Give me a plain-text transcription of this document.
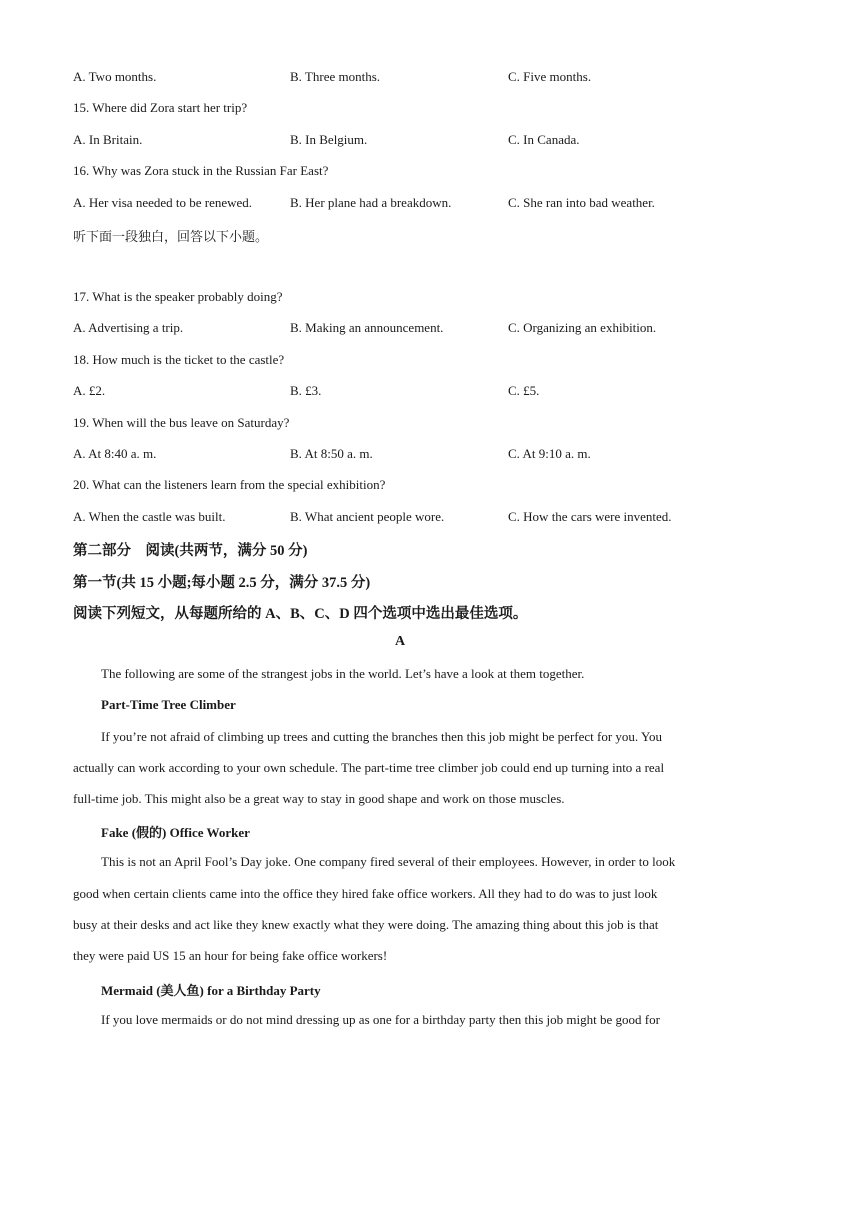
A. Two months.	B. Three months.	C. Five months.
15. Where did Zora start her trip?
A. In Britain.	B. In Belgium.	C. In Canada.
16. Why was Zora stuck in the Russian Far East?
A. Her visa needed to be renewed.	B. Her plane had a breakdown.	C. She ran into bad weather.
听下面一段独白，回答以下小题。
17. What is the speaker probably doing?
A. Advertising a trip.	B. Making an announcement.	C. Organizing an exhibition.
18. How much is the ticket to the castle?
A. £2.	B. £3.	C. £5.
19. When will the bus leave on Saturday?
A. At 8:40 a. m.	B. At 8:50 a. m.	C. At 9:10 a. m.
20. What can the listeners learn from the special exhibition?
A. When the castle was built.	B. What ancient people wore.	C. How the cars were invented.
第二部分　阅读(共两节，满分 50 分)
第一节(共 15 小题;每小题 2.5 分，满分 37.5 分)
阅读下列短文，从每题所给的 A、B、C、D 四个选项中选出最佳选项。
A
The following are some of the strangest jobs in the world. Let’s have a look at them together.
Part-Time Tree Climber
If you’re not afraid of climbing up trees and cutting the branches then this job might be perfect for you. You
actually can work according to your own schedule. The part-time tree climber job could end up turning into a real
full-time job. This might also be a great way to stay in good shape and work on those muscles.
Fake (假的) Office Worker
This is not an April Fool’s Day joke. One company fired several of their employees. However, in order to look
good when certain clients came into the office they hired fake office workers. All they had to do was to just look
busy at their desks and act like they knew exactly what they were doing. The amazing thing about this job is that
they were paid US 15 an hour for being fake office workers!
Mermaid (美人鱼) for a Birthday Party
If you love mermaids or do not mind dressing up as one for a birthday party then this job might be good for
